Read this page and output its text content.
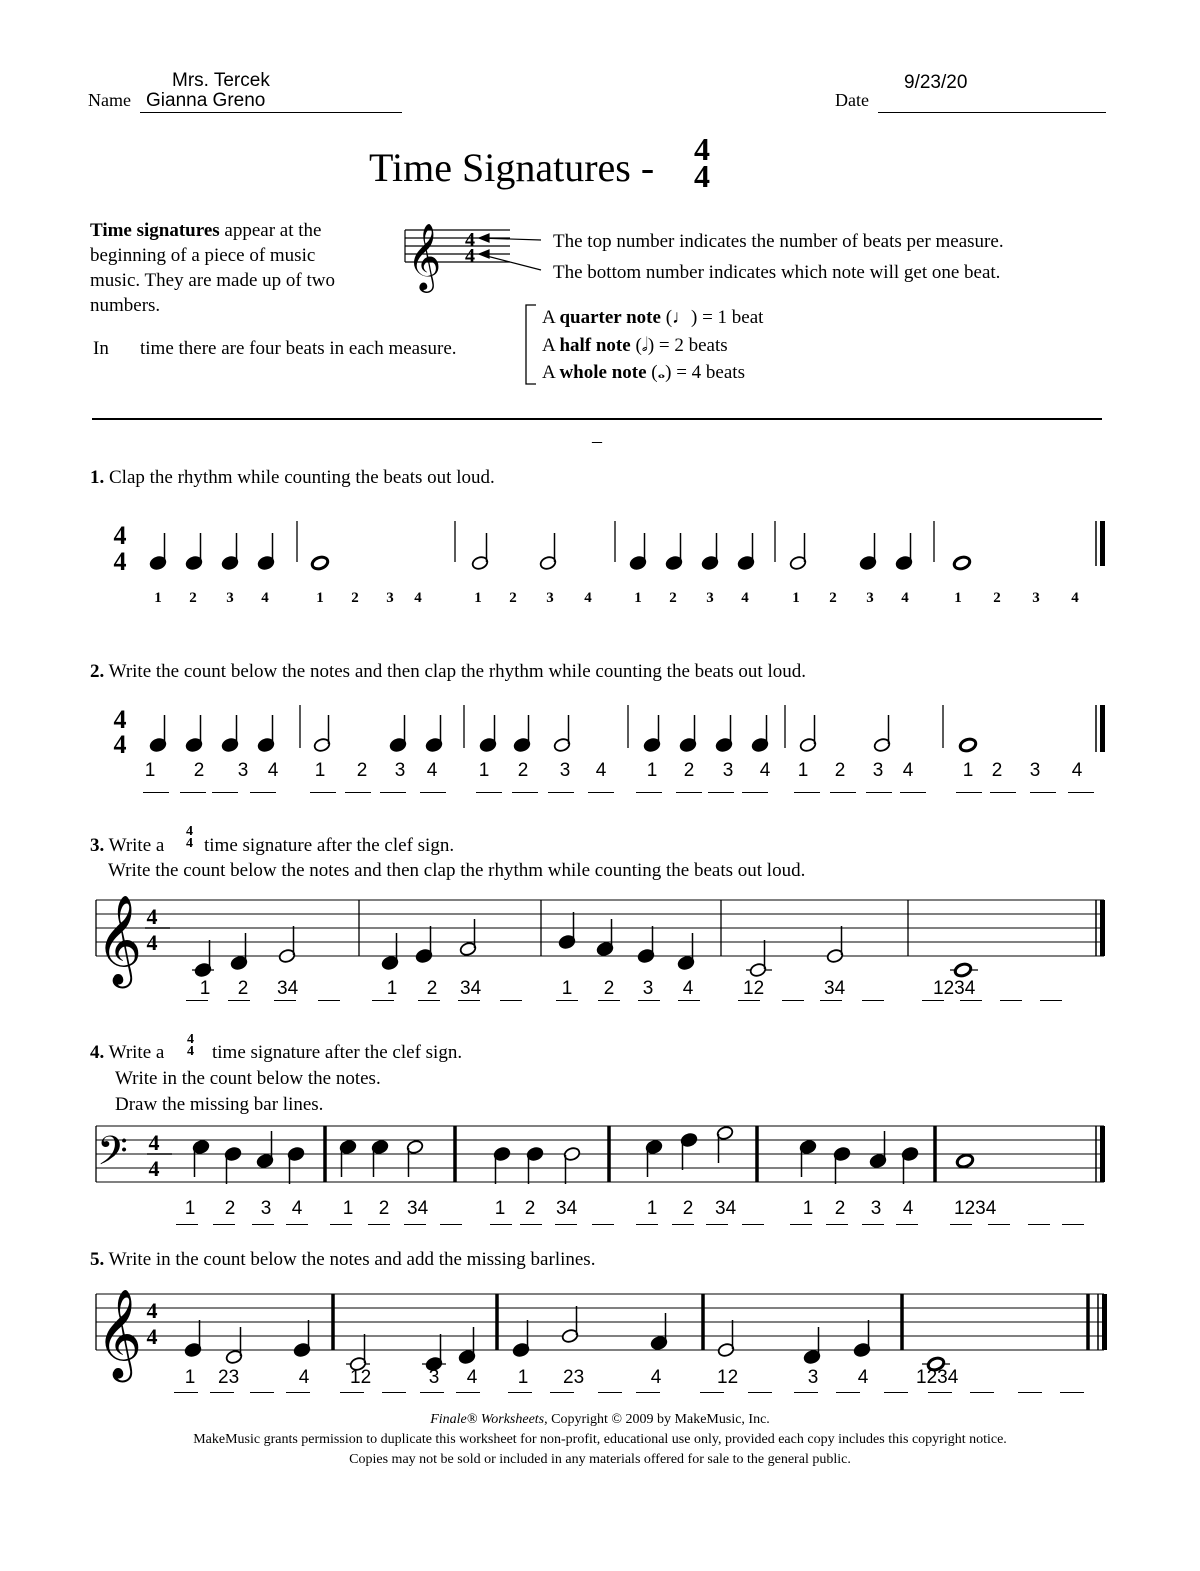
Name
Mrs. Tercek
Gianna Greno	Date
9/23/20
Time Signatures - 4
4
Time signatures appear at the
beginning of a piece of music
music. They are made up of two
numbers.
In time there are four beats in each measure.
𝄞 4
4
The top number indicates the number of beats per measure.
The bottom number indicates which note will get one beat.
A quarter note (♩) = 1 beat
A half note (𝅗𝅥) = 2 beats
A whole note (𝅝) = 4 beats
–
1. Clap the rhythm while counting the beats out loud.
4
4
1	2	3	4	1	2	3	4	1	2	3	4	1	2	3	4	1	2	3	4	1	2	3	4
2. Write the count below the notes and then clap the rhythm while counting the beats out loud.
4
4
1 2 3 4 1 2 3 4 1 2 3 4 1 2 3 4 1 2 3 4	1 2 3 4
3. Write a
4
4 time signature after the clef sign.
Write the count below the notes and then clap the rhythm while counting the beats out loud.
𝄞 4
4
1 2 34	1 2 34	1 2 3 4	12	34	1234
4. Write a
4
4 time signature after the clef sign.
Write in the count below the notes.
Draw the missing bar lines.
𝄢 4
4
1 2 3 4 1 2 34	1 2 34	1 2 34	1 2 3 4 1234
5. Write in the count below the notes and add the missing barlines.
𝄞 4
4
1 23	4 12	3 4 1 23	4	12	3 4	1234
Finale® Worksheets, Copyright © 2009 by MakeMusic, Inc.
MakeMusic grants permission to duplicate this worksheet for non-profit, educational use only, provided each copy includes this copyright notice.
Copies may not be sold or included in any materials offered for sale to the general public.
